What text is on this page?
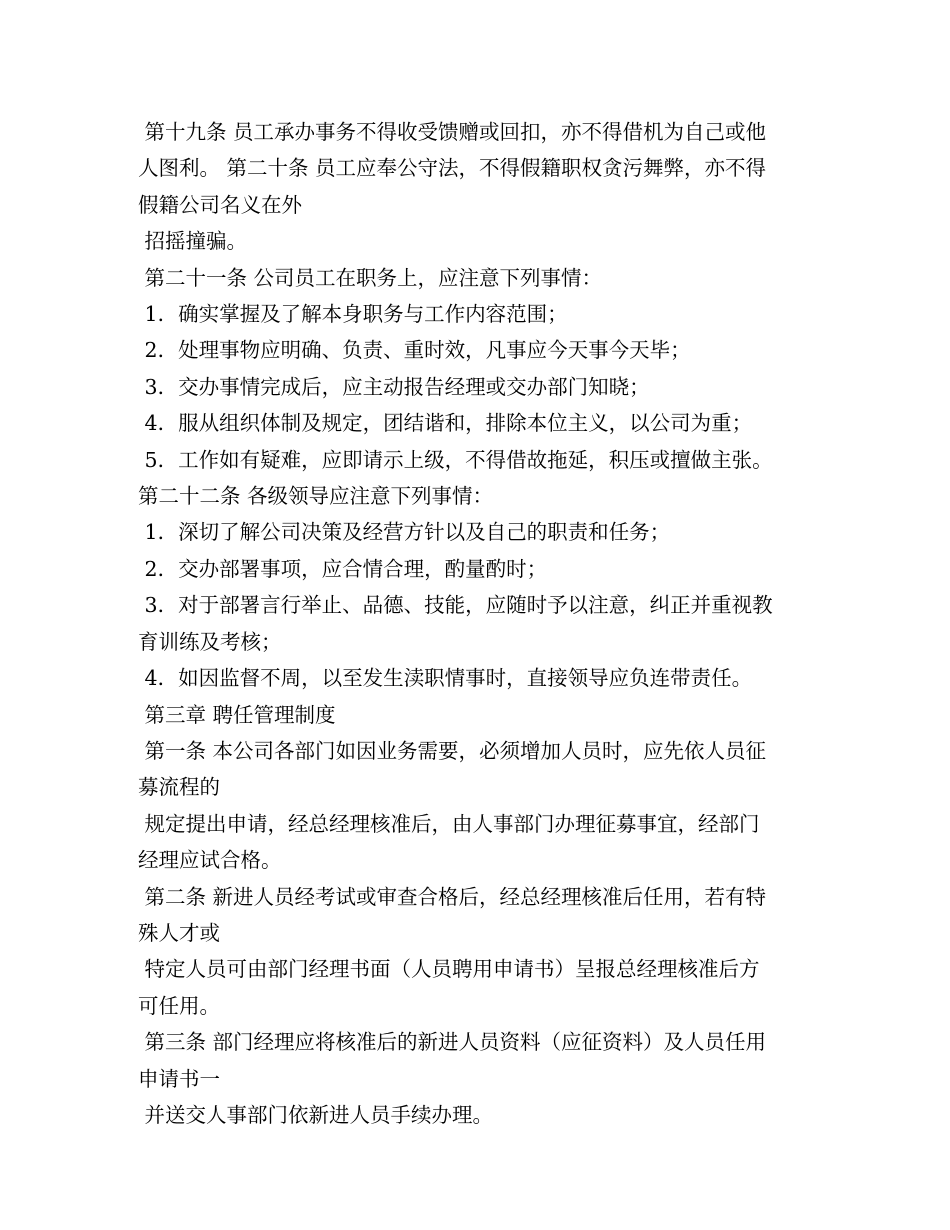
第十九条 员工承办事务不得收受馈赠或回扣，亦不得借机为自己或他

人图利。 第二十条 员工应奉公守法，不得假籍职权贪污舞弊，亦不得

假籍公司名义在外

招摇撞骗。

第二十一条 公司员工在职务上，应注意下列事情：

1．确实掌握及了解本身职务与工作内容范围；

2．处理事物应明确、负责、重时效，凡事应今天事今天毕；

3．交办事情完成后，应主动报告经理或交办部门知晓；

4．服从组织体制及规定，团结谐和，排除本位主义，以公司为重；

5．工作如有疑难，应即请示上级，不得借故拖延，积压或擅做主张。

第二十二条 各级领导应注意下列事情：

1．深切了解公司决策及经营方针以及自己的职责和任务；

2．交办部署事项，应合情合理，酌量酌时；

3．对于部署言行举止、品德、技能，应随时予以注意，纠正并重视教

育训练及考核；

4．如因监督不周，以至发生渎职情事时，直接领导应负连带责任。

第三章 聘任管理制度

第一条 本公司各部门如因业务需要，必须增加人员时，应先依人员征

募流程的

规定提出申请，经总经理核准后，由人事部门办理征募事宜，经部门

经理应试合格。

第二条 新进人员经考试或审查合格后，经总经理核准后任用，若有特

殊人才或

特定人员可由部门经理书面（人员聘用申请书）呈报总经理核准后方

可任用。

第三条 部门经理应将核准后的新进人员资料（应征资料）及人员任用

申请书一

并送交人事部门依新进人员手续办理。
